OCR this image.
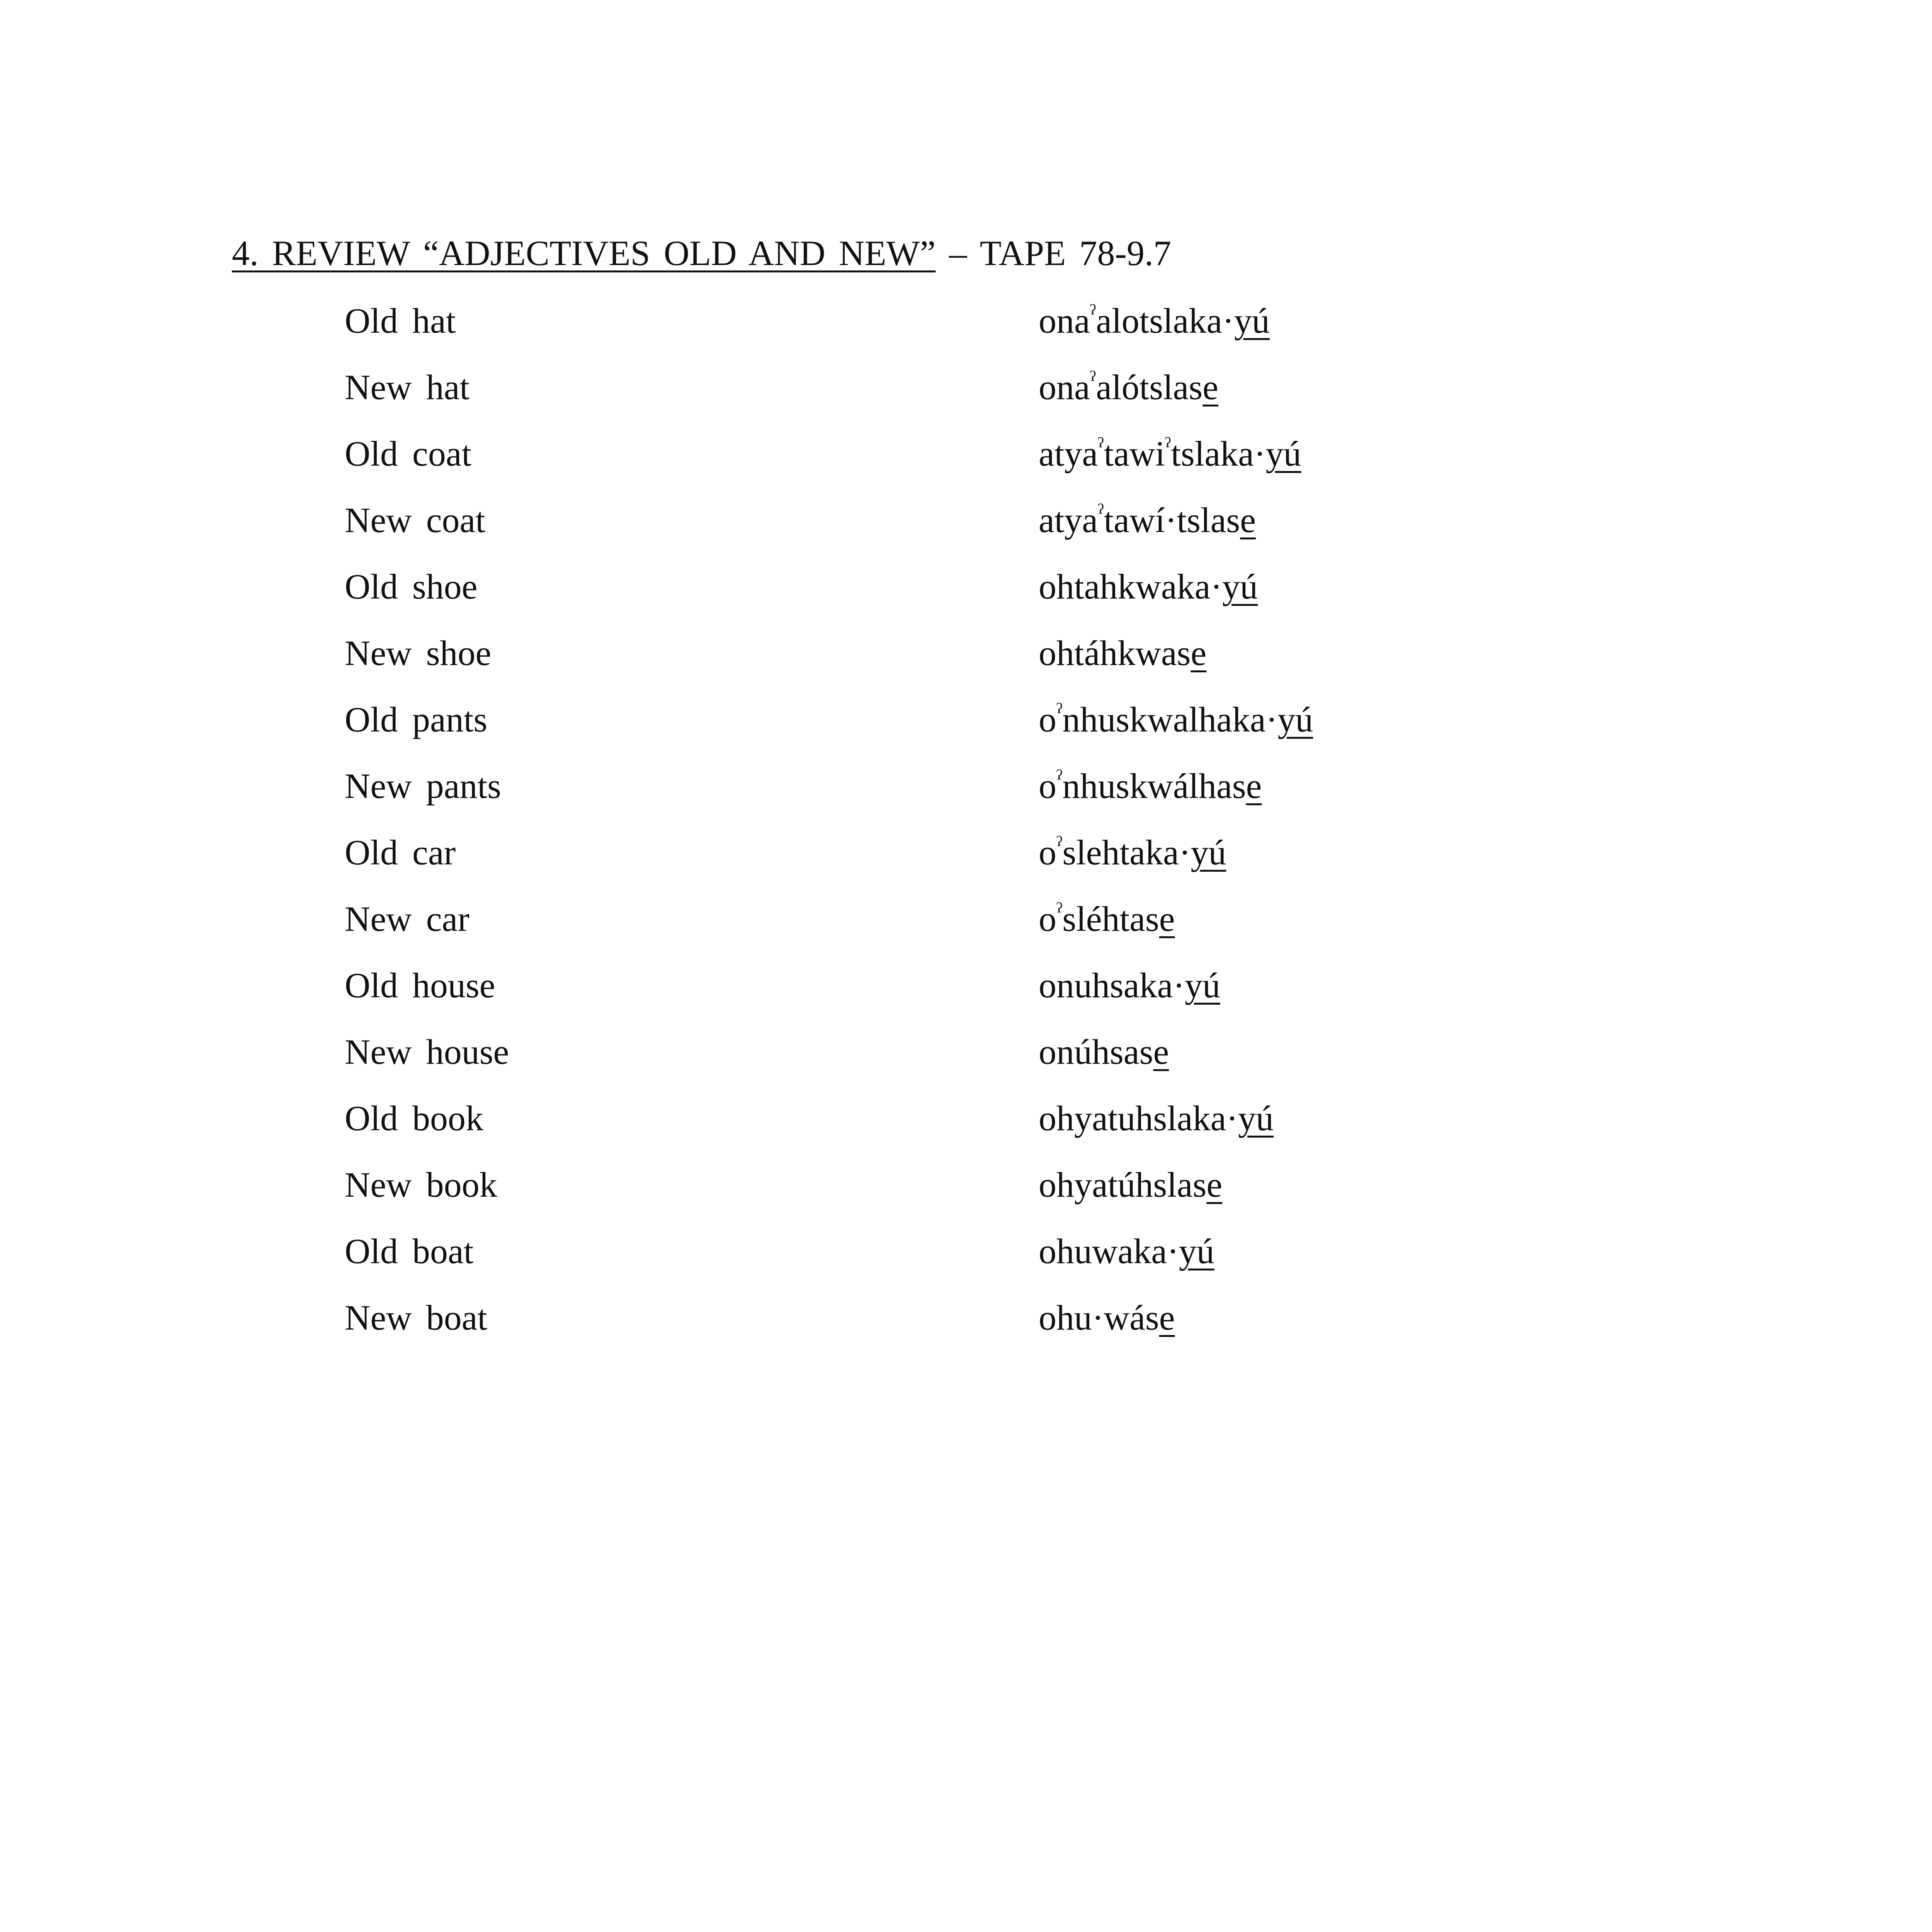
4. REVIEW “ADJECTIVES OLD AND NEW” – TAPE 78-9.7
Old hat	ona$^ˀ$alotslaka·yú
New hat	ona$^ˀ$alótslase
Old coat	atya$^ˀ$tawi$^ˀ$tslaka·yú
New coat	atya$^ˀ$tawí·tslase
Old shoe	ohtahkwaka·yú
New shoe	ohtáhkwase
Old pants	$o^ˀnhuskwalhaka\cdot yú$
New pants	$o^ˀnhuskwálhase$
Old car	$o^ˀslehtaka\cdot yú$
New car	$o^ˀsléhtase$
Old house	onuhsaka·yú
New house	onúhsase
Old book	ohyatuhslaka·yú
New book	ohyatúhslase
Old boat	ohuwaka·yú
New boat	ohu·wáse
